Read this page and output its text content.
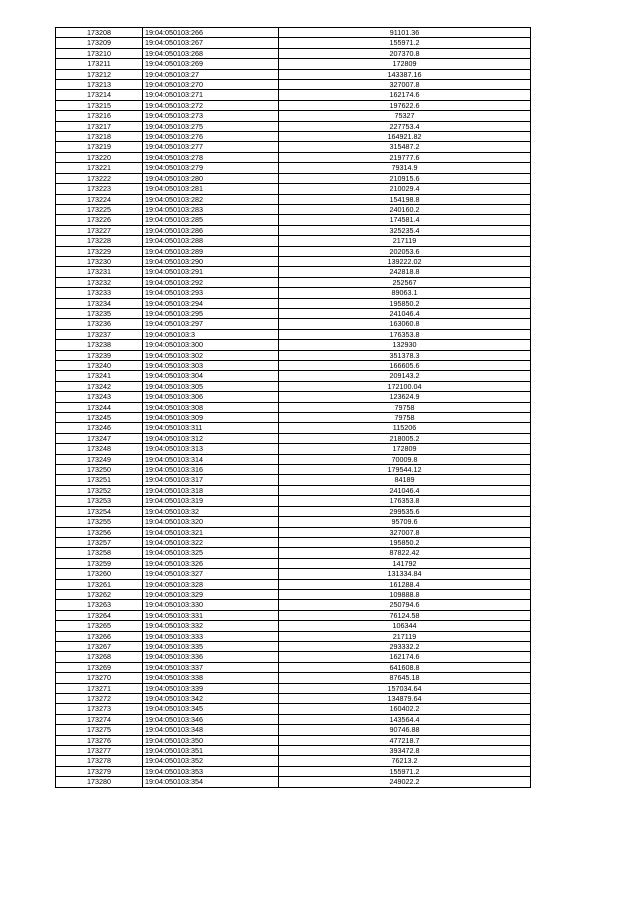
173208	19:04:050103:266	91101.36
173209	19:04:050103:267	155971.2
173210	19:04:050103:268	207370.8
173211	19:04:050103:269	172809
173212	19:04:050103:27	143387.16
173213	19:04:050103:270	327007.8
173214	19:04:050103:271	162174.6
173215	19:04:050103:272	197622.6
173216	19:04:050103:273	75327
173217	19:04:050103:275	227753.4
173218	19:04:050103:276	164921.82
173219	19:04:050103:277	315487.2
173220	19:04:050103:278	219777.6
173221	19:04:050103:279	79314.9
173222	19:04:050103:280	210915.6
173223	19:04:050103:281	210029.4
173224	19:04:050103:282	154198.8
173225	19:04:050103:283	240160.2
173226	19:04:050103:285	174581.4
173227	19:04:050103:286	325235.4
173228	19:04:050103:288	217119
173229	19:04:050103:289	202053.6
173230	19:04:050103:290	139222.02
173231	19:04:050103:291	242818.8
173232	19:04:050103:292	252567
173233	19:04:050103:293	89063.1
173234	19:04:050103:294	195850.2
173235	19:04:050103:295	241046.4
173236	19:04:050103:297	163060.8
173237	19:04:050103:3	176353.8
173238	19:04:050103:300	132930
173239	19:04:050103:302	351378.3
173240	19:04:050103:303	166605.6
173241	19:04:050103:304	209143.2
173242	19:04:050103:305	172100.04
173243	19:04:050103:306	123624.9
173244	19:04:050103:308	79758
173245	19:04:050103:309	79758
173246	19:04:050103:311	115206
173247	19:04:050103:312	218005.2
173248	19:04:050103:313	172809
173249	19:04:050103:314	70009.8
173250	19:04:050103:316	179544.12
173251	19:04:050103:317	84189
173252	19:04:050103:318	241046.4
173253	19:04:050103:319	176353.8
173254	19:04:050103:32	299535.6
173255	19:04:050103:320	95709.6
173256	19:04:050103:321	327007.8
173257	19:04:050103:322	195850.2
173258	19:04:050103:325	87822.42
173259	19:04:050103:326	141792
173260	19:04:050103:327	131334.84
173261	19:04:050103:328	161288.4
173262	19:04:050103:329	109888.8
173263	19:04:050103:330	250794.6
173264	19:04:050103:331	76124.58
173265	19:04:050103:332	106344
173266	19:04:050103:333	217119
173267	19:04:050103:335	293332.2
173268	19:04:050103:336	162174.6
173269	19:04:050103:337	641608.8
173270	19:04:050103:338	87645.18
173271	19:04:050103:339	157034.64
173272	19:04:050103:342	134879.64
173273	19:04:050103:345	160402.2
173274	19:04:050103:346	143564.4
173275	19:04:050103:348	90746.88
173276	19:04:050103:350	477218.7
173277	19:04:050103:351	393472.8
173278	19:04:050103:352	76213.2
173279	19:04:050103:353	155971.2
173280	19:04:050103:354	249022.2
